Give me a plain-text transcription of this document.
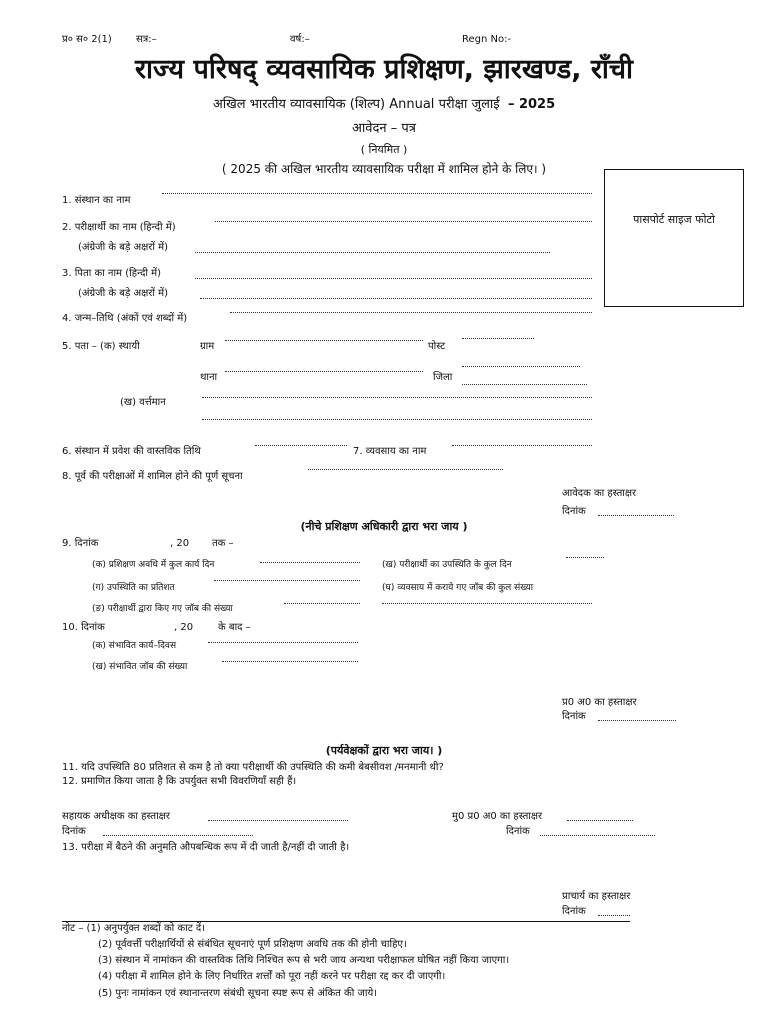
प्र० स० 2(1) सत्र:–	वर्ष:–	Regn No:-
राज्य परिषद् व्यवसायिक प्रशिक्षण, झारखण्ड, राँची
अखिल भारतीय व्यावसायिक (शिल्प) Annual परीक्षा जुलाई – 2025
आवेदन – पत्र
( नियमित )
( 2025 की अखिल भारतीय व्यावसायिक परीक्षा में शामिल होने के लिए। )
पासपोर्ट साइज फोटो
1. संस्थान का नाम
2. परीक्षार्थी का नाम (हिन्दी में)
(अंग्रेजी के बड़े अक्षरों में)
3. पिता का नाम (हिन्दी में)
(अंग्रेजी के बड़े अक्षरों में)
4. जन्म–तिथि (अंकों एवं शब्दों में)
5. पता – (क) स्थायी	ग्राम	पोस्ट
थाना	जिला
(ख) वर्त्तमान
6. संस्थान में प्रवेश की वास्तविक तिथि	7. व्यवसाय का नाम
8. पूर्व की परीक्षाओं में शामिल होने की पूर्ण सूचना
आवेदक का हस्ताक्षर
दिनांक
(नीचे प्रशिक्षण अधिकारी द्वारा भरा जाय )
9. दिनांक	, 20 तक –
(क) प्रशिक्षण अवधि में कुल कार्य दिन	(ख) परीक्षार्थी का उपस्थिति के कुल दिन
(ग) उपस्थिति का प्रतिशत	(घ) व्यवसाय में कराये गए जॉब की कुल संख्या
(ङ) परीक्षार्थी द्वारा किए गए जॉब की संख्या
10. दिनांक	, 20 के बाद –
(क) संभावित कार्य–दिवस
(ख) संभावित जॉब की संख्या
प्र0 अ0 का हस्ताक्षर
दिनांक
(पर्यवेक्षकों द्वारा भरा जाय। )
11. यदि उपस्थिति 80 प्रतिशत से कम है तो क्या परीक्षार्थी की उपस्थिति की कमी बेबसीवश /मनमानी थी?
12. प्रमाणित किया जाता है कि उपर्युक्त सभी विवरणियाँ सही हैं।
सहायक अधीक्षक का हस्ताक्षर	मु0 प्र0 अ0 का हस्ताक्षर
दिनांक	दिनांक
13. परीक्षा में बैठने की अनुमति औपबन्धिक रूप में दी जाती है/नहीं दी जाती है।
प्राचार्य का हस्ताक्षर
दिनांक
नोट – (1) अनुपर्युक्त शब्दों को काट दें।
(2) पूर्ववर्त्ती परीक्षार्थियों से संबंधित सूचनाएं पूर्ण प्रशिक्षण अवधि तक की होनी चाहिए।
(3) संस्थान में नामांकन की वास्तविक तिथि निश्चित रूप से भरी जाय अन्यथा परीक्षाफल घोषित नहीं किया जाएगा।
(4) परीक्षा में शामिल होने के लिए निर्धारित शर्त्तों को पूरा नहीं करने पर परीक्षा रद्द कर दी जाएगी।
(5) पुनः नामांकन एवं स्थानान्तरण संबंधी सूचना स्पष्ट रूप से अंकित की जाये।
